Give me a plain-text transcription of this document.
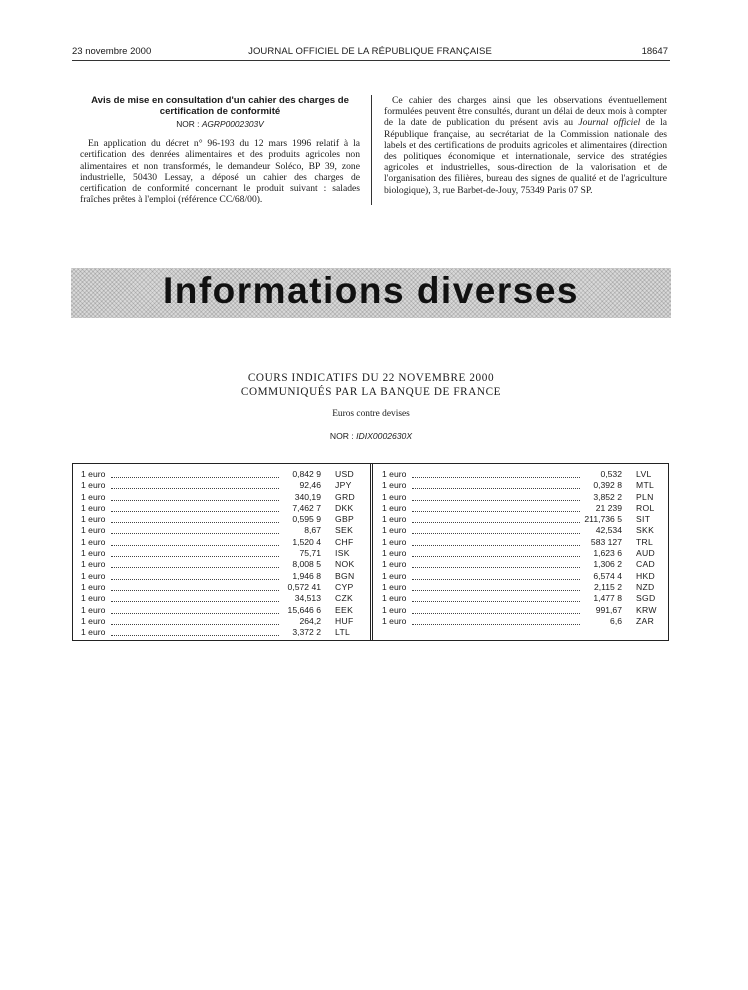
23 novembre 2000	JOURNAL OFFICIEL DE LA RÉPUBLIQUE FRANÇAISE	18647
Avis de mise en consultation d'un cahier des charges de certification de conformité
NOR : AGRP0002303V

En application du décret n° 96-193 du 12 mars 1996 relatif à la certification des denrées alimentaires et des produits agricoles non alimentaires et non transformés, le demandeur Soléco, BP 39, zone industrielle, 50430 Lessay, a déposé un cahier des charges de certification de conformité concernant le produit suivant : salades fraîches prêtes à l'emploi (référence CC/68/00).

Ce cahier des charges ainsi que les observations éventuellement formulées peuvent être consultés, durant un délai de deux mois à compter de la date de publication du présent avis au Journal officiel de la République française, au secrétariat de la Commission nationale des labels et des certifications de produits agricoles et alimentaires (direction des politiques économique et internationale, service des stratégies agricoles et industrielles, sous-direction de la valorisation et de l'organisation des filières, bureau des signes de qualité et de l'agriculture biologique), 3, rue Barbet-de-Jouy, 75349 Paris 07 SP.

Informations diverses
COURS INDICATIFS DU 22 NOVEMBRE 2000
COMMUNIQUÉS PAR LA BANQUE DE FRANCE
Euros contre devises
NOR : IDIX0002630X
1 euro	0,842 9 USD
1 euro	92,46 JPY
1 euro	340,19 GRD
1 euro	7,462 7 DKK
1 euro	0,595 9 GBP
1 euro	8,67 SEK
1 euro	1,520 4 CHF
1 euro	75,71 ISK
1 euro	8,008 5 NOK
1 euro	1,946 8 BGN
1 euro	0,572 41 CYP
1 euro	34,513 CZK
1 euro	15,646 6 EEK
1 euro	264,2 HUF
1 euro	3,372 2 LTL
1 euro	0,532 LVL
1 euro	0,392 8 MTL
1 euro	3,852 2 PLN
1 euro	21 239 ROL
1 euro	211,736 5 SIT
1 euro	42,534 SKK
1 euro	583 127 TRL
1 euro	1,623 6 AUD
1 euro	1,306 2 CAD
1 euro	6,574 4 HKD
1 euro	2,115 2 NZD
1 euro	1,477 8 SGD
1 euro	991,67 KRW
1 euro	6,6 ZAR
